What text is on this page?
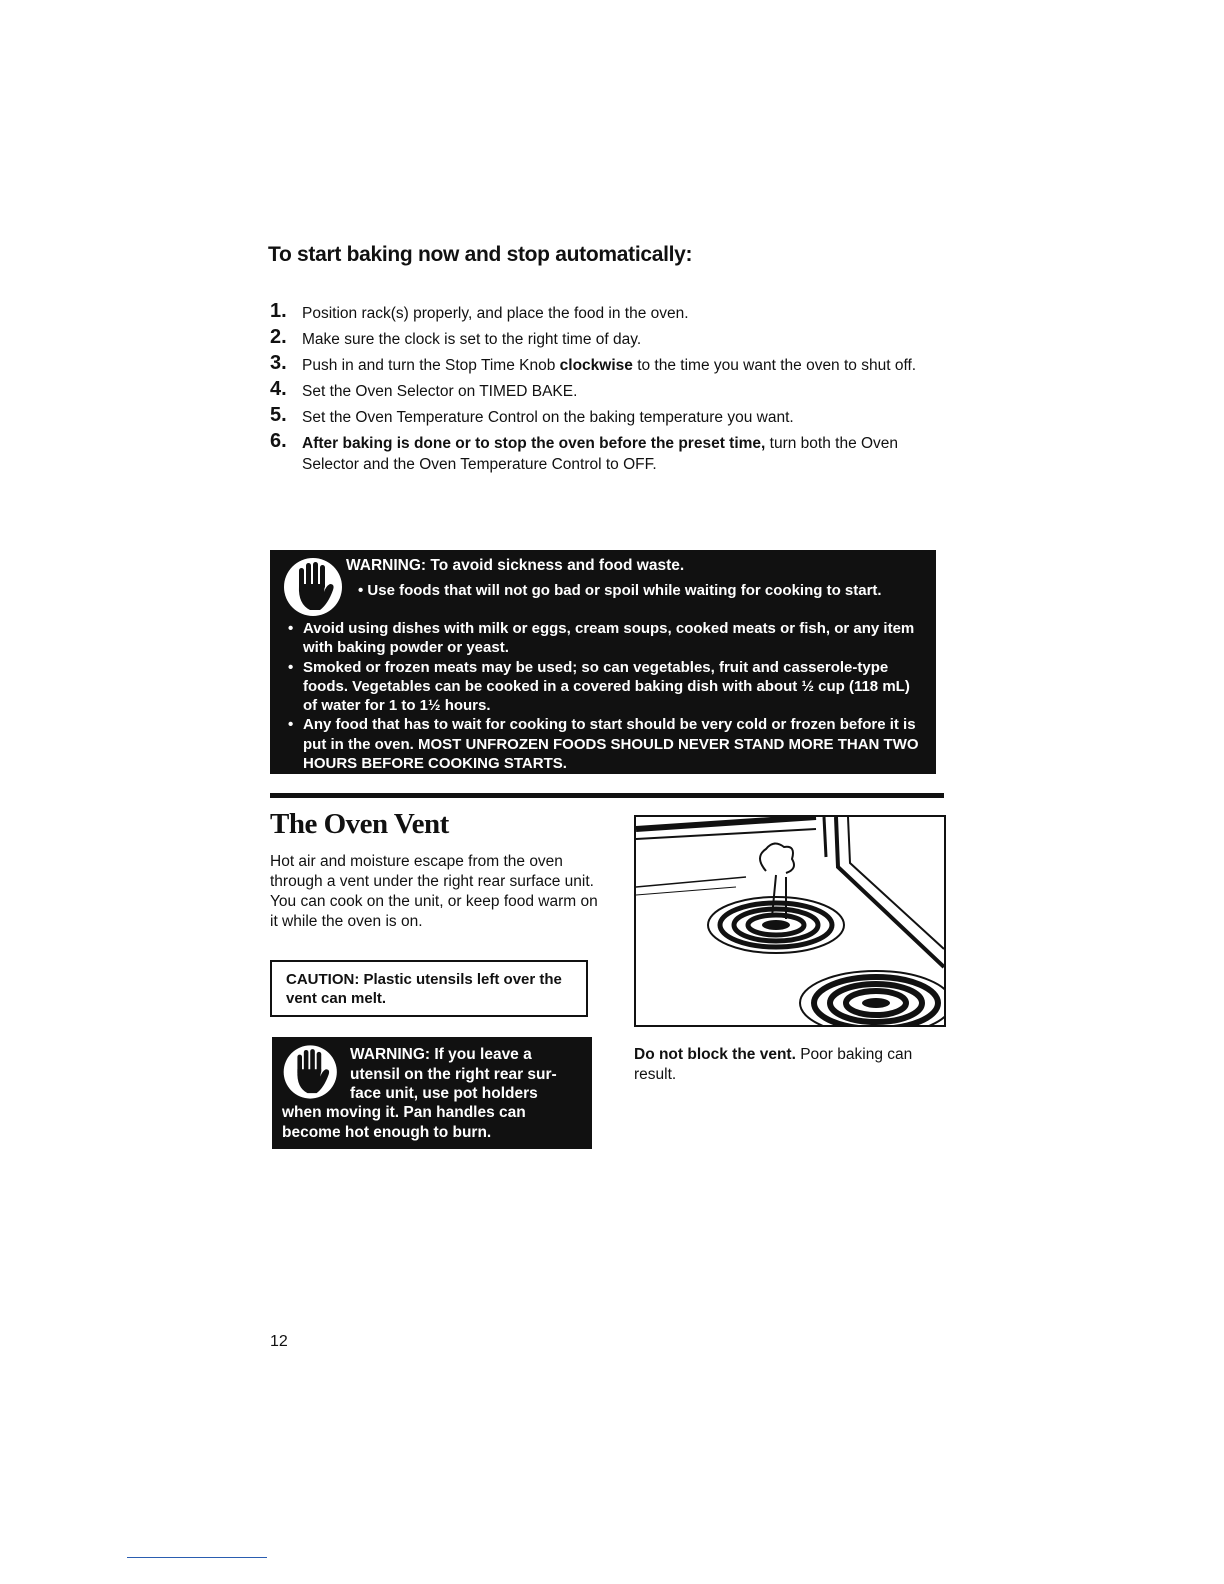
To start baking now and stop automatically:
1. Position rack(s) properly, and place the food in the oven.
2. Make sure the clock is set to the right time of day.
3. Push in and turn the Stop Time Knob clockwise to the time you want the oven to shut off.
4. Set the Oven Selector on TIMED BAKE.
5. Set the Oven Temperature Control on the baking temperature you want.
6. After baking is done or to stop the oven before the preset time, turn both the Oven Selector and the Oven Temperature Control to OFF.
WARNING: To avoid sickness and food waste.
• Use foods that will not go bad or spoil while waiting for cooking to start.
• Avoid using dishes with milk or eggs, cream soups, cooked meats or fish, or any item with baking powder or yeast.
• Smoked or frozen meats may be used; so can vegetables, fruit and casserole-type foods. Vegetables can be cooked in a covered baking dish with about ½ cup (118 mL) of water for 1 to 1½ hours.
• Any food that has to wait for cooking to start should be very cold or frozen before it is put in the oven. MOST UNFROZEN FOODS SHOULD NEVER STAND MORE THAN TWO HOURS BEFORE COOKING STARTS.
The Oven Vent
Hot air and moisture escape from the oven through a vent under the right rear surface unit. You can cook on the unit, or keep food warm on it while the oven is on.
CAUTION: Plastic utensils left over the vent can melt.
WARNING: If you leave a utensil on the right rear sur-face unit, use pot holders
when moving it. Pan handles can become hot enough to burn.
Do not block the vent. Poor baking can result.
12
